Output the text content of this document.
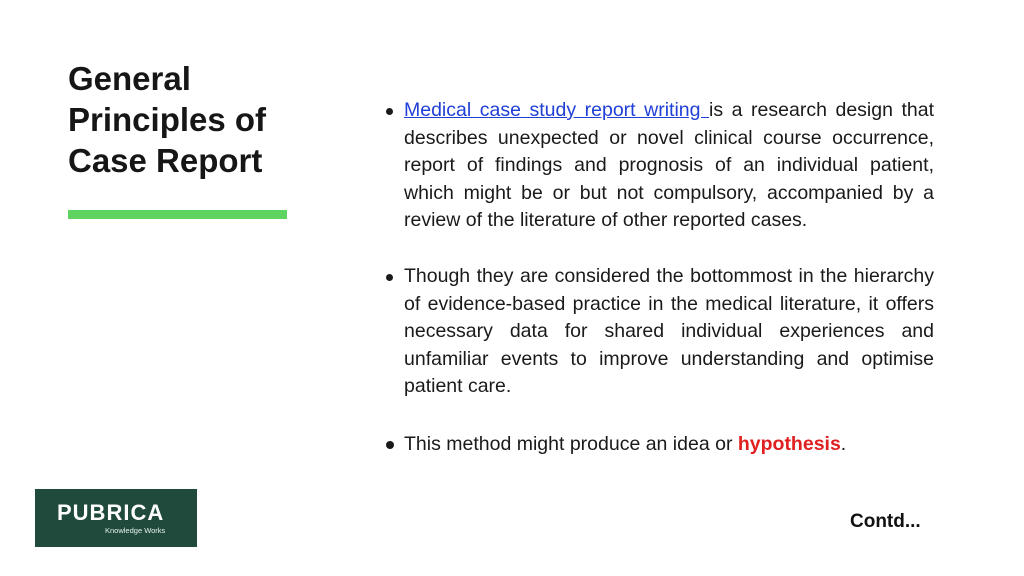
General
Principles of
Case Report
Medical case study report writing is a research design that describes unexpected or novel clinical course occurrence, report of findings and prognosis of an individual patient, which might be or but not compulsory, accompanied by a review of the literature of other reported cases.
Though they are considered the bottommost in the hierarchy of evidence-based practice in the medical literature, it offers necessary data for shared individual experiences and unfamiliar events to improve understanding and optimise patient care.
This method might produce an idea or hypothesis.
PUBRICA
Knowledge Works	Contd...
